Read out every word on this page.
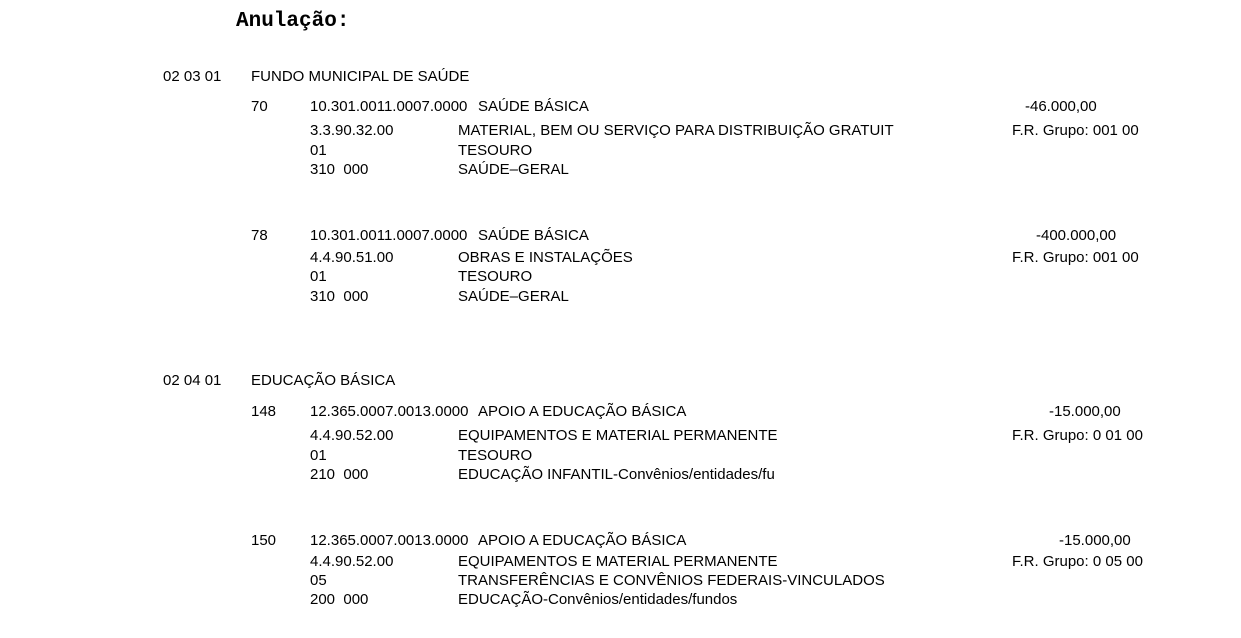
Anulação:
02 03 01 FUNDO MUNICIPAL DE SAÚDE
70	10.301.0011.0007.0000 SAÚDE BÁSICA	-46.000,00
3.3.90.32.00	MATERIAL, BEM OU SERVIÇO PARA DISTRIBUIÇÃO GRATUIT	F.R. Grupo: 001 00
01	TESOURO
310  000	SAÚDE–GERAL
78	10.301.0011.0007.0000 SAÚDE BÁSICA	-400.000,00
4.4.90.51.00	OBRAS E INSTALAÇÕES	F.R. Grupo: 001 00
01	TESOURO
310  000	SAÚDE–GERAL
02 04 01 EDUCAÇÃO BÁSICA
148 12.365.0007.0013.0000 APOIO A EDUCAÇÃO BÁSICA	-15.000,00
4.4.90.52.00	EQUIPAMENTOS E MATERIAL PERMANENTE	F.R. Grupo: 0 01 00
01	TESOURO
210  000	EDUCAÇÃO INFANTIL-Convênios/entidades/fu
150 12.365.0007.0013.0000 APOIO A EDUCAÇÃO BÁSICA	-15.000,00
4.4.90.52.00	EQUIPAMENTOS E MATERIAL PERMANENTE	F.R. Grupo: 0 05 00
05	TRANSFERÊNCIAS E CONVÊNIOS FEDERAIS-VINCULADOS
200  000	EDUCAÇÃO-Convênios/entidades/fundos
